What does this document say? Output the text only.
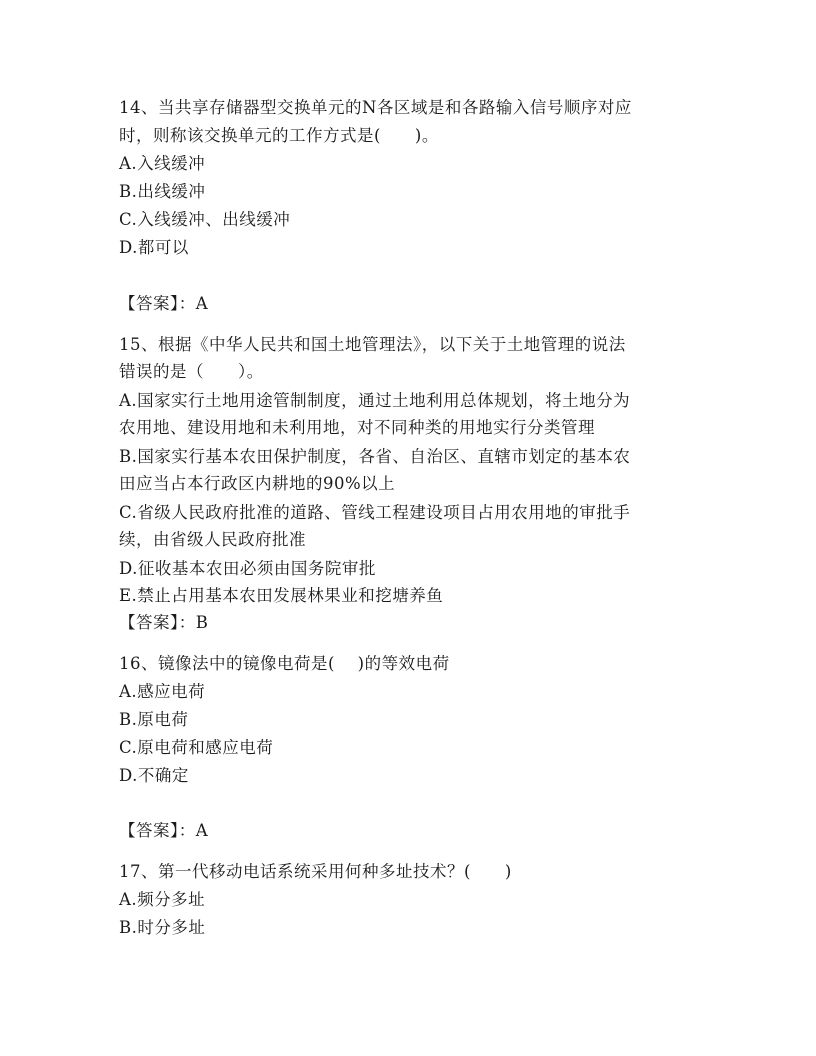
14、当共享存储器型交换单元的N各区域是和各路输入信号顺序对应
时，则称该交换单元的工作方式是(　　)。
A.入线缓冲
B.出线缓冲
C.入线缓冲、出线缓冲
D.都可以
【答案】：A
15、根据《中华人民共和国土地管理法》，以下关于土地管理的说法
错误的是（　　）。
A.国家实行土地用途管制制度，通过土地利用总体规划，将土地分为
农用地、建设用地和未利用地，对不同种类的用地实行分类管理
B.国家实行基本农田保护制度，各省、自治区、直辖市划定的基本农
田应当占本行政区内耕地的90%以上
C.省级人民政府批准的道路、管线工程建设项目占用农用地的审批手
续，由省级人民政府批准
D.征收基本农田必须由国务院审批
E.禁止占用基本农田发展林果业和挖塘养鱼
【答案】：B
16、镜像法中的镜像电荷是(　 )的等效电荷
A.感应电荷
B.原电荷
C.原电荷和感应电荷
D.不确定
【答案】：A
17、第一代移动电话系统采用何种多址技术？(　　)
A.频分多址
B.时分多址
